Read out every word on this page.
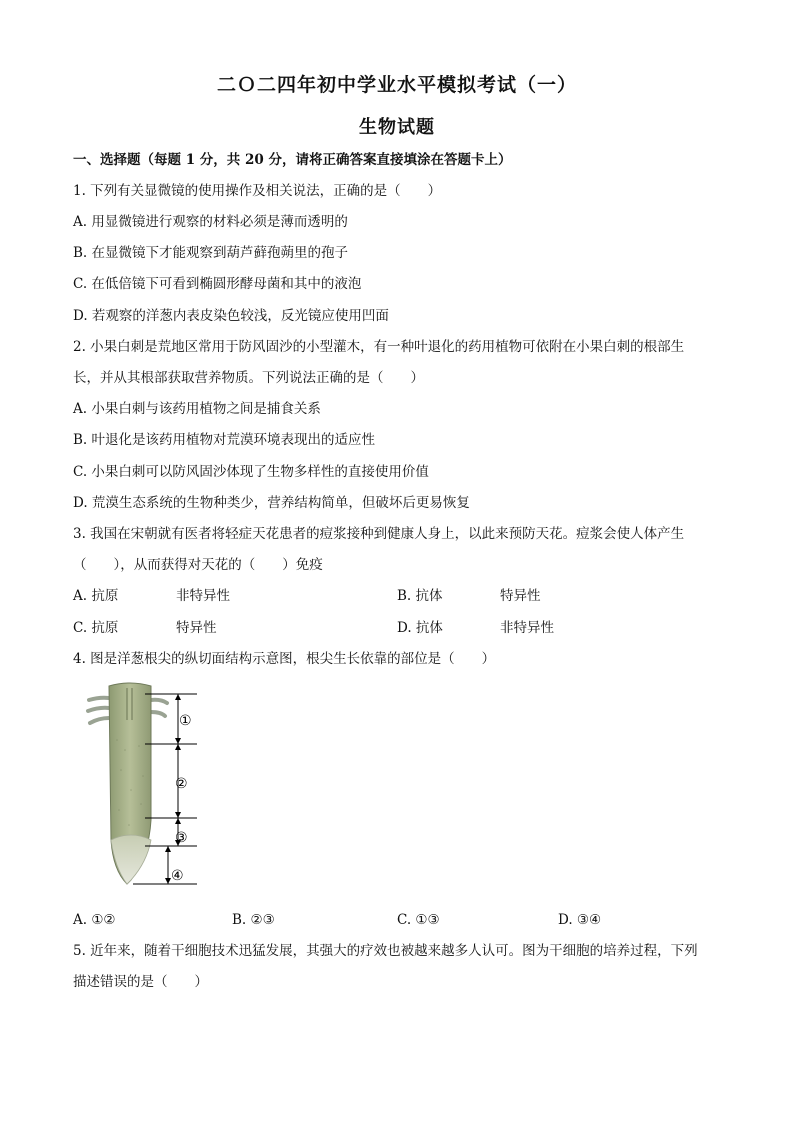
二Ｏ二四年初中学业水平模拟考试（一）
生物试题
一、选择题（每题 1 分，共 20 分，请将正确答案直接填涂在答题卡上）
1. 下列有关显微镜的使用操作及相关说法，正确的是（　　）
A. 用显微镜进行观察的材料必须是薄而透明的
B. 在显微镜下才能观察到葫芦藓孢蒴里的孢子
C. 在低倍镜下可看到椭圆形酵母菌和其中的液泡
D. 若观察的洋葱内表皮染色较浅，反光镜应使用凹面
2. 小果白刺是荒地区常用于防风固沙的小型灌木，有一种叶退化的药用植物可依附在小果白刺的根部生
长，并从其根部获取营养物质。下列说法正确的是（　　）
A. 小果白刺与该药用植物之间是捕食关系
B. 叶退化是该药用植物对荒漠环境表现出的适应性
C. 小果白刺可以防风固沙体现了生物多样性的直接使用价值
D. 荒漠生态系统的生物种类少，营养结构简单，但破坏后更易恢复
3. 我国在宋朝就有医者将轻症天花患者的痘浆接种到健康人身上，以此来预防天花。痘浆会使人体产生
（　　），从而获得对天花的（　　）免疫
A. 抗原	非特异性	B. 抗体	特异性
C. 抗原	特异性	D. 抗体	非特异性
4. 图是洋葱根尖的纵切面结构示意图，根尖生长依靠的部位是（　　）
①
②
③
④
A. ①②	B. ②③	C. ①③	D. ③④
5. 近年来，随着干细胞技术迅猛发展，其强大的疗效也被越来越多人认可。图为干细胞的培养过程，下列
描述错误的是（　　）
